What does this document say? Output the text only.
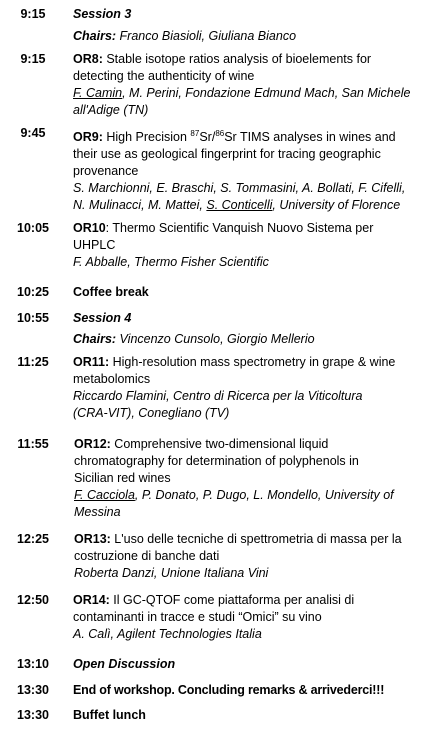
9:15	Session 3
Chairs: Franco Biasioli, Giuliana Bianco
9:15	OR8: Stable isotope ratios analysis of bioelements for
detecting the authenticity of wine
F. Camin, M. Perini, Fondazione Edmund Mach, San Michele
all'Adige (TN)
9:45	OR9: High Precision $^{87}$Sr/$^{86}$Sr TIMS analyses in wines and
their use as geological fingerprint for tracing geographic
provenance
S. Marchionni, E. Braschi, S. Tommasini, A. Bollati, F. Cifelli,
N. Mulinacci, M. Mattei, S. Conticelli, University of Florence
10:05	OR10: Thermo Scientific Vanquish Nuovo Sistema per
UHPLC
F. Abballe, Thermo Fisher Scientific
10:25	Coffee break
10:55	Session 4
Chairs: Vincenzo Cunsolo, Giorgio Mellerio
11:25	OR11: High-resolution mass spectrometry in grape & wine
metabolomics
Riccardo Flamini, Centro di Ricerca per la Viticoltura
(CRA-VIT), Conegliano (TV)
11:55	OR12: Comprehensive two-dimensional liquid
chromatography for determination of polyphenols in
Sicilian red wines
F. Cacciola, P. Donato, P. Dugo, L. Mondello, University of
Messina
12:25	OR13: L'uso delle tecniche di spettrometria di massa per la
costruzione di banche dati
Roberta Danzi, Unione Italiana Vini
12:50	OR14: Il GC-QTOF come piattaforma per analisi di
contaminanti in tracce e studi “Omici” su vino
A. Calì, Agilent Technologies Italia
13:10	Open Discussion
13:30	End of workshop. Concluding remarks & arrivederci!!!
13:30	Buffet lunch
